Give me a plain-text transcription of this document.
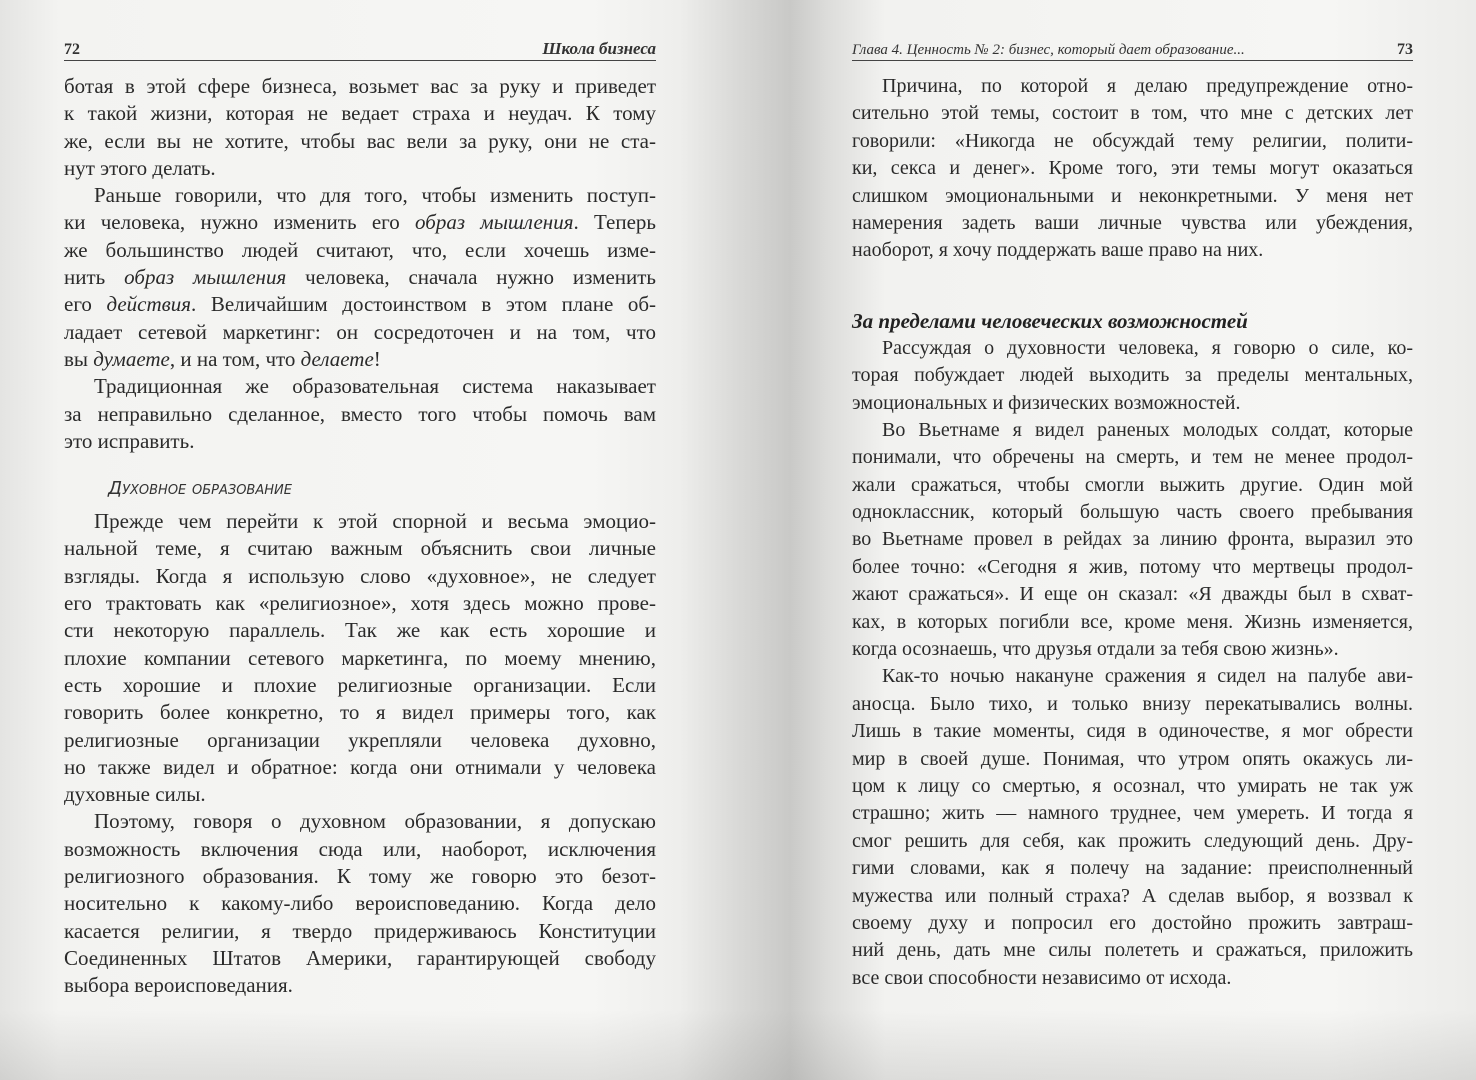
72	Школа бизнеса
ботая в этой сфере бизнеса, возьмет вас за руку и приведет
к такой жизни, которая не ведает страха и неудач. К тому
же, если вы не хотите, чтобы вас вели за руку, они не ста-
нут этого делать.
Раньше говорили, что для того, чтобы изменить поступ-
ки человека, нужно изменить его образ мышления. Теперь
же большинство людей считают, что, если хочешь изме-
нить образ мышления человека, сначала нужно изменить
его действия. Величайшим достоинством в этом плане об-
ладает сетевой маркетинг: он сосредоточен и на том, что
вы думаете, и на том, что делаете!
Традиционная же образовательная система наказывает
за неправильно сделанное, вместо того чтобы помочь вам
это исправить.
Духовное образование
Прежде чем перейти к этой спорной и весьма эмоцио-
нальной теме, я считаю важным объяснить свои личные
взгляды. Когда я использую слово «духовное», не следует
его трактовать как «религиозное», хотя здесь можно прове-
сти некоторую параллель. Так же как есть хорошие и
плохие компании сетевого маркетинга, по моему мнению,
есть хорошие и плохие религиозные организации. Если
говорить более конкретно, то я видел примеры того, как
религиозные организации укрепляли человека духовно,
но также видел и обратное: когда они отнимали у человека
духовные силы.
Поэтому, говоря о духовном образовании, я допускаю
возможность включения сюда или, наоборот, исключения
религиозного образования. К тому же говорю это безот-
носительно к какому-либо вероисповеданию. Когда дело
касается религии, я твердо придерживаюсь Конституции
Соединенных Штатов Америки, гарантирующей свободу
выбора вероисповедания.
Глава 4. Ценность № 2: бизнес, который дает образование...	73
Причина, по которой я делаю предупреждение отно-
сительно этой темы, состоит в том, что мне с детских лет
говорили: «Никогда не обсуждай тему религии, полити-
ки, секса и денег». Кроме того, эти темы могут оказаться
слишком эмоциональными и неконкретными. У меня нет
намерения задеть ваши личные чувства или убеждения,
наоборот, я хочу поддержать ваше право на них.
За пределами человеческих возможностей
Рассуждая о духовности человека, я говорю о силе, ко-
торая побуждает людей выходить за пределы ментальных,
эмоциональных и физических возможностей.
Во Вьетнаме я видел раненых молодых солдат, которые
понимали, что обречены на смерть, и тем не менее продол-
жали сражаться, чтобы смогли выжить другие. Один мой
одноклассник, который большую часть своего пребывания
во Вьетнаме провел в рейдах за линию фронта, выразил это
более точно: «Сегодня я жив, потому что мертвецы продол-
жают сражаться». И еще он сказал: «Я дважды был в схват-
ках, в которых погибли все, кроме меня. Жизнь изменяется,
когда осознаешь, что друзья отдали за тебя свою жизнь».
Как-то ночью накануне сражения я сидел на палубе ави-
аносца. Было тихо, и только внизу перекатывались волны.
Лишь в такие моменты, сидя в одиночестве, я мог обрести
мир в своей душе. Понимая, что утром опять окажусь ли-
цом к лицу со смертью, я осознал, что умирать не так уж
страшно; жить — намного труднее, чем умереть. И тогда я
смог решить для себя, как прожить следующий день. Дру-
гими словами, как я полечу на задание: преисполненный
мужества или полный страха? А сделав выбор, я воззвал к
своему духу и попросил его достойно прожить завтраш-
ний день, дать мне силы полететь и сражаться, приложить
все свои способности независимо от исхода.
